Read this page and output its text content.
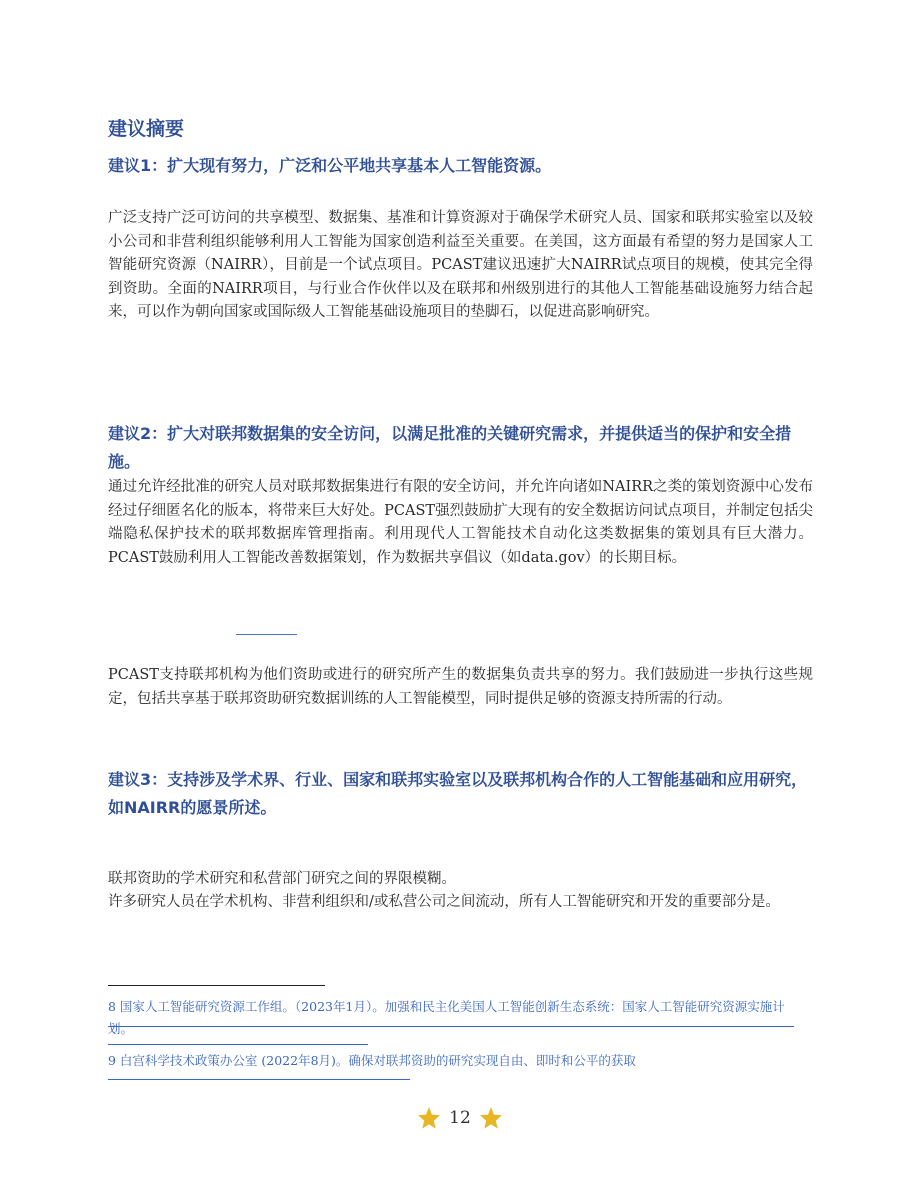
建议摘要
建议1：扩大现有努力，广泛和公平地共享基本人工智能资源。

广泛支持广泛可访问的共享模型、数据集、基准和计算资源对于确保学术研究人员、国家和联邦实验室以及较小公司和非营利组织能够利用人工智能为国家创造利益至关重要。在美国，这方面最有希望的努力是国家人工智能研究资源（NAIRR），目前是一个试点项目。PCAST建议迅速扩大NAIRR试点项目的规模，使其完全得到资助。全面的NAIRR项目，与行业合作伙伴以及在联邦和州级别进行的其他人工智能基础设施努力结合起来，可以作为朝向国家或国际级人工智能基础设施项目的垫脚石，以促进高影响研究。

建议2：扩大对联邦数据集的安全访问，以满足批准的关键研究需求，并提供适当的保护和安全措施。

通过允许经批准的研究人员对联邦数据集进行有限的安全访问，并允许向诸如NAIRR之类的策划资源中心发布经过仔细匿名化的版本，将带来巨大好处。PCAST强烈鼓励扩大现有的安全数据访问试点项目，并制定包括尖端隐私保护技术的联邦数据库管理指南。利用现代人工智能技术自动化这类数据集的策划具有巨大潜力。PCAST鼓励利用人工智能改善数据策划，作为数据共享倡议（如data.gov）的长期目标。

PCAST支持联邦机构为他们资助或进行的研究所产生的数据集负责共享的努力。我们鼓励进一步执行这些规定，包括共享基于联邦资助研究数据训练的人工智能模型，同时提供足够的资源支持所需的行动。

建议3：支持涉及学术界、行业、国家和联邦实验室以及联邦机构合作的人工智能基础和应用研究，如NAIRR的愿景所述。

联邦资助的学术研究和私营部门研究之间的界限模糊。

许多研究人员在学术机构、非营利组织和/或私营公司之间流动，所有人工智能研究和开发的重要部分是。

8 国家人工智能研究资源工作组。（2023年1月）。加强和民主化美国人工智能创新生态系统：国家人工智能研究资源实施计划。

9 白宫科学技术政策办公室 (2022年8月)。确保对联邦资助的研究实现自由、即时和公平的获取

12
